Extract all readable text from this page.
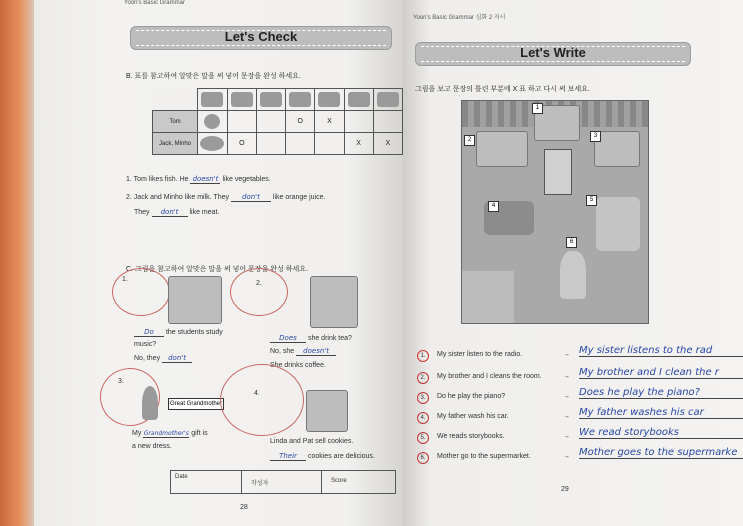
Yoon's Basic Grammar
Let's Check
B. 표를 참고하여 알맞은 말을 써 넣어 문장을 완성 하세요.

Tom				O	X		
Jack, Minho		O				X	X
1. Tom likes fish. He doesn't like vegetables.
2. Jack and Minho like milk. They don't like orange juice.
They don't like meat.
C. 그림을 참고하여 알맞은 말을 써 넣어 문장을 완성 하세요.
1.
Do the students study
music?
No, they don't
2.
Does she drink tea?
No, she doesn't
She drinks coffee.
3.
Great Grandmother
My Grandmother's gift is
a new dress.
4.
Linda and Pat sell cookies.
Their cookies are delicious.
Date
작성자	Score
28
Yoon's Basic Grammar 심화 2 자시
Let's Write
그림을 보고 문장의 틀린 부분에 X 표 하고 다시 써 보세요.
1
2
3
4
5
6
1.	My sister listen to the radio.	→ My sister listens to the rad
2.	My brother and I cleans the room.	→ My brother and I clean the r
3.	Do he play the piano?	→ Does he play the piano?
4.	My father wash his car.	→ My father washes his car
5.	We reads storybooks.	→ We read storybooks
6.	Mother go to the supermarket.	→ Mother goes to the supermarke
29
